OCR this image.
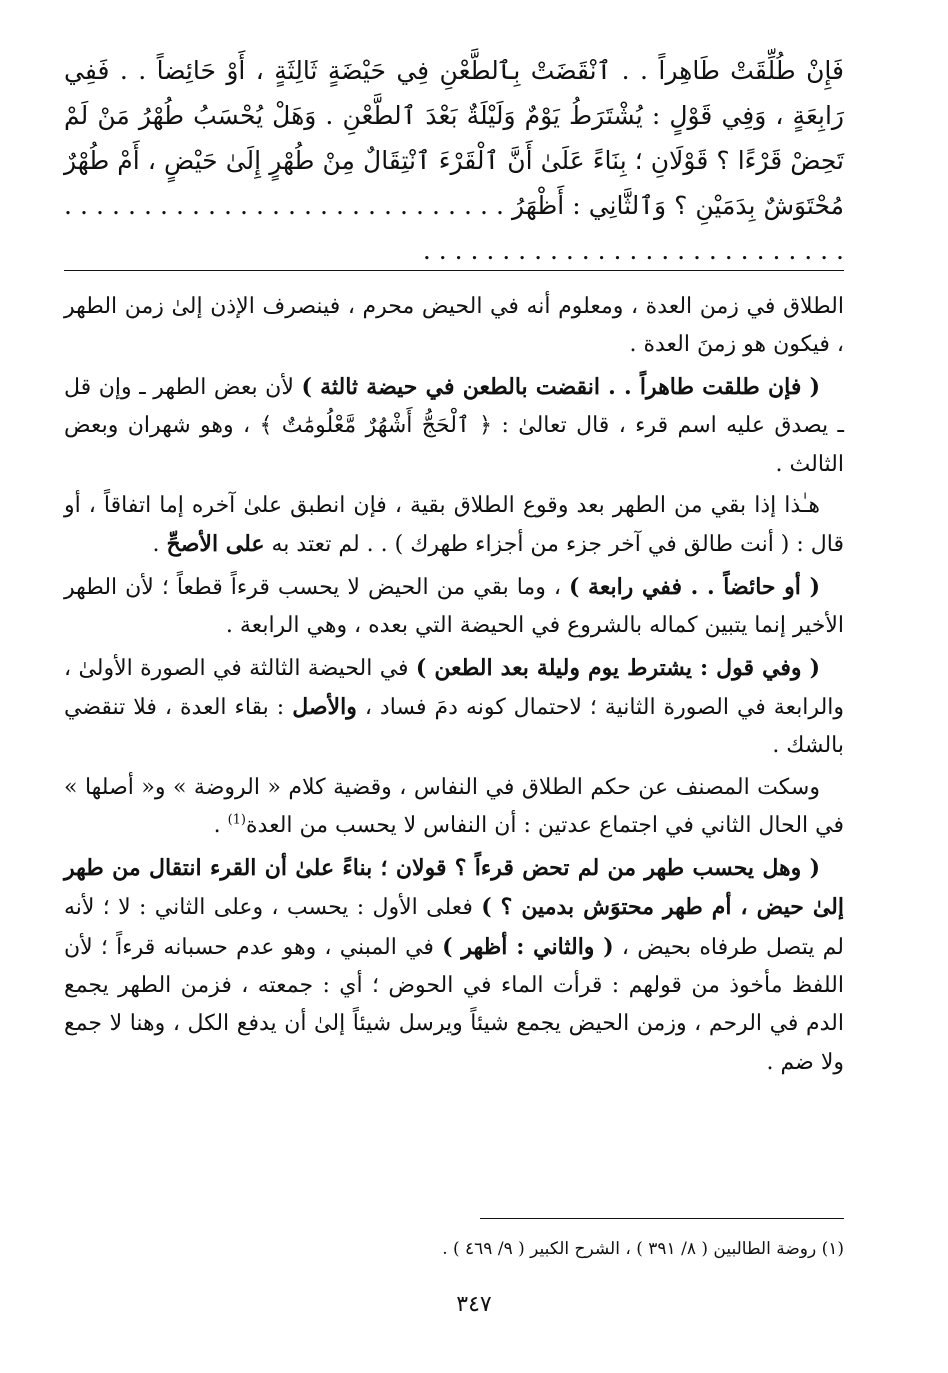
فَإِنْ طُلِّقَتْ طَاهِراً . . ٱنْقَضَتْ بِٱلطَّعْنِ فِي حَيْضَةٍ ثَالِثَةٍ ، أَوْ حَائِضاً . . فَفِي رَابِعَةٍ ، وَفِي قَوْلٍ : يُشْتَرَطُ يَوْمٌ وَلَيْلَةٌ بَعْدَ ٱلطَّعْنِ . وَهَلْ يُحْسَبُ طُهْرُ مَنْ لَمْ تَحِضْ قَرْءًا ؟ قَوْلَانِ ؛ بِنَاءً عَلَىٰ أَنَّ ٱلْقَرْءَ ٱنْتِقَالٌ مِنْ طُهْرٍ إِلَىٰ حَيْضٍ ، أَمْ طُهْرٌ مُحْتَوَشٌ بِدَمَيْنِ ؟ وَٱلثَّانِي : أَظْهَرُ . . . . . . . . . . . . . . . . . . . . . . . . . . . . . . . . . . . . . . . . . . . . . . . . . . . . . . .

الطلاق في زمن العدة ، ومعلوم أنه في الحيض محرم ، فينصرف الإذن إلىٰ زمن الطهر ، فيكون هو زمنَ العدة .

( فإن طلقت طاهراً . . انقضت بالطعن في حيضة ثالثة ) لأن بعض الطهر ـ وإن قل ـ يصدق عليه اسم قرء ، قال تعالىٰ : ﴿ ٱلْحَجُّ أَشْهُرٌ مَّعْلُومَٰتٌ ﴾ ، وهو شهران وبعض الثالث .

هـٰذا إذا بقي من الطهر بعد وقوع الطلاق بقية ، فإن انطبق علىٰ آخره إما اتفاقاً ، أو قال : ( أنت طالق في آخر جزء من أجزاء طهرك ) . . لم تعتد به على الأصحِّ .

( أو حائضاً . . ففي رابعة ) ، وما بقي من الحيض لا يحسب قرءاً قطعاً ؛ لأن الطهر الأخير إنما يتبين كماله بالشروع في الحيضة التي بعده ، وهي الرابعة .

( وفي قول : يشترط يوم وليلة بعد الطعن ) في الحيضة الثالثة في الصورة الأولىٰ ، والرابعة في الصورة الثانية ؛ لاحتمال كونه دمَ فساد ، والأصل : بقاء العدة ، فلا تنقضي بالشك .

وسكت المصنف عن حكم الطلاق في النفاس ، وقضية كلام « الروضة » و« أصلها » في الحال الثاني في اجتماع عدتين : أن النفاس لا يحسب من العدة$^{(1)}$ .

( وهل يحسب طهر من لم تحض قرءاً ؟ قولان ؛ بناءً علىٰ أن القرء انتقال من طهر إلىٰ حيض ، أم طهر محتوَش بدمين ؟ ) فعلى الأول : يحسب ، وعلى الثاني : لا ؛ لأنه لم يتصل طرفاه بحيض ، ( والثاني : أظهر ) في المبني ، وهو عدم حسبانه قرءاً ؛ لأن اللفظ مأخوذ من قولهم : قرأت الماء في الحوض ؛ أي : جمعته ، فزمن الطهر يجمع الدم في الرحم ، وزمن الحيض يجمع شيئاً ويرسل شيئاً إلىٰ أن يدفع الكل ، وهنا لا جمع ولا ضم .

(١) روضة الطالبين ( ٨/ ٣٩١ ) ، الشرح الكبير ( ٩/ ٤٦٩ ) .
٣٤٧
